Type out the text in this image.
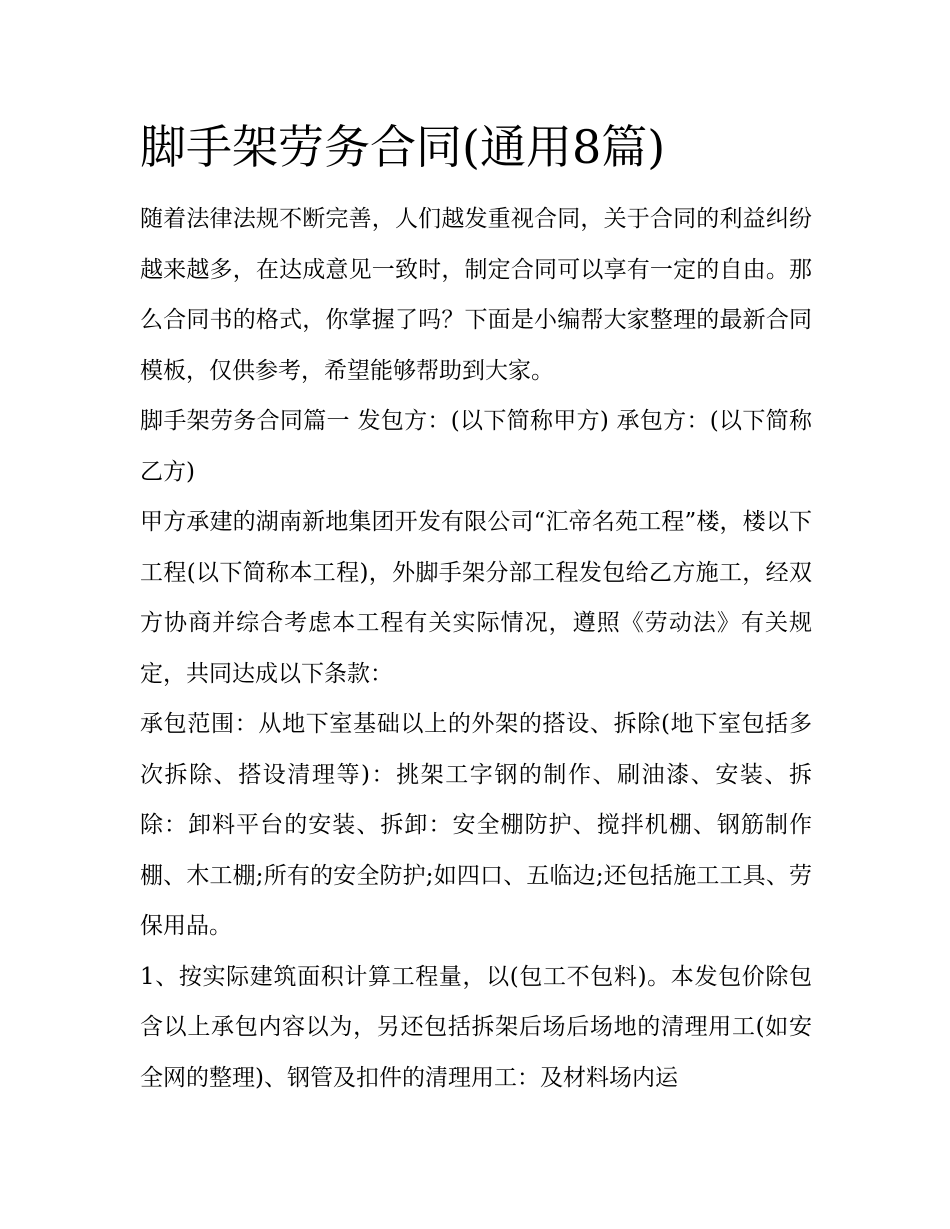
脚手架劳务合同(通用8篇)

随着法律法规不断完善，人们越发重视合同，关于合同的利益纠纷越来越多，在达成意见一致时，制定合同可以享有一定的自由。那么合同书的格式，你掌握了吗？下面是小编帮大家整理的最新合同模板，仅供参考，希望能够帮助到大家。

脚手架劳务合同篇一 发包方：(以下简称甲方) 承包方：(以下简称乙方)

甲方承建的湖南新地集团开发有限公司“汇帝名苑工程”楼，楼以下工程(以下简称本工程)，外脚手架分部工程发包给乙方施工，经双方协商并综合考虑本工程有关实际情况，遵照《劳动法》有关规定，共同达成以下条款：

承包范围：从地下室基础以上的外架的搭设、拆除(地下室包括多次拆除、搭设清理等)：挑架工字钢的制作、刷油漆、安装、拆除：卸料平台的安装、拆卸：安全棚防护、搅拌机棚、钢筋制作棚、木工棚;所有的安全防护;如四口、五临边;还包括施工工具、劳保用品。

1、按实际建筑面积计算工程量，以(包工不包料)。本发包价除包含以上承包内容以为，另还包括拆架后场后场地的清理用工(如安全网的整理)、钢管及扣件的清理用工：及材料场内运
